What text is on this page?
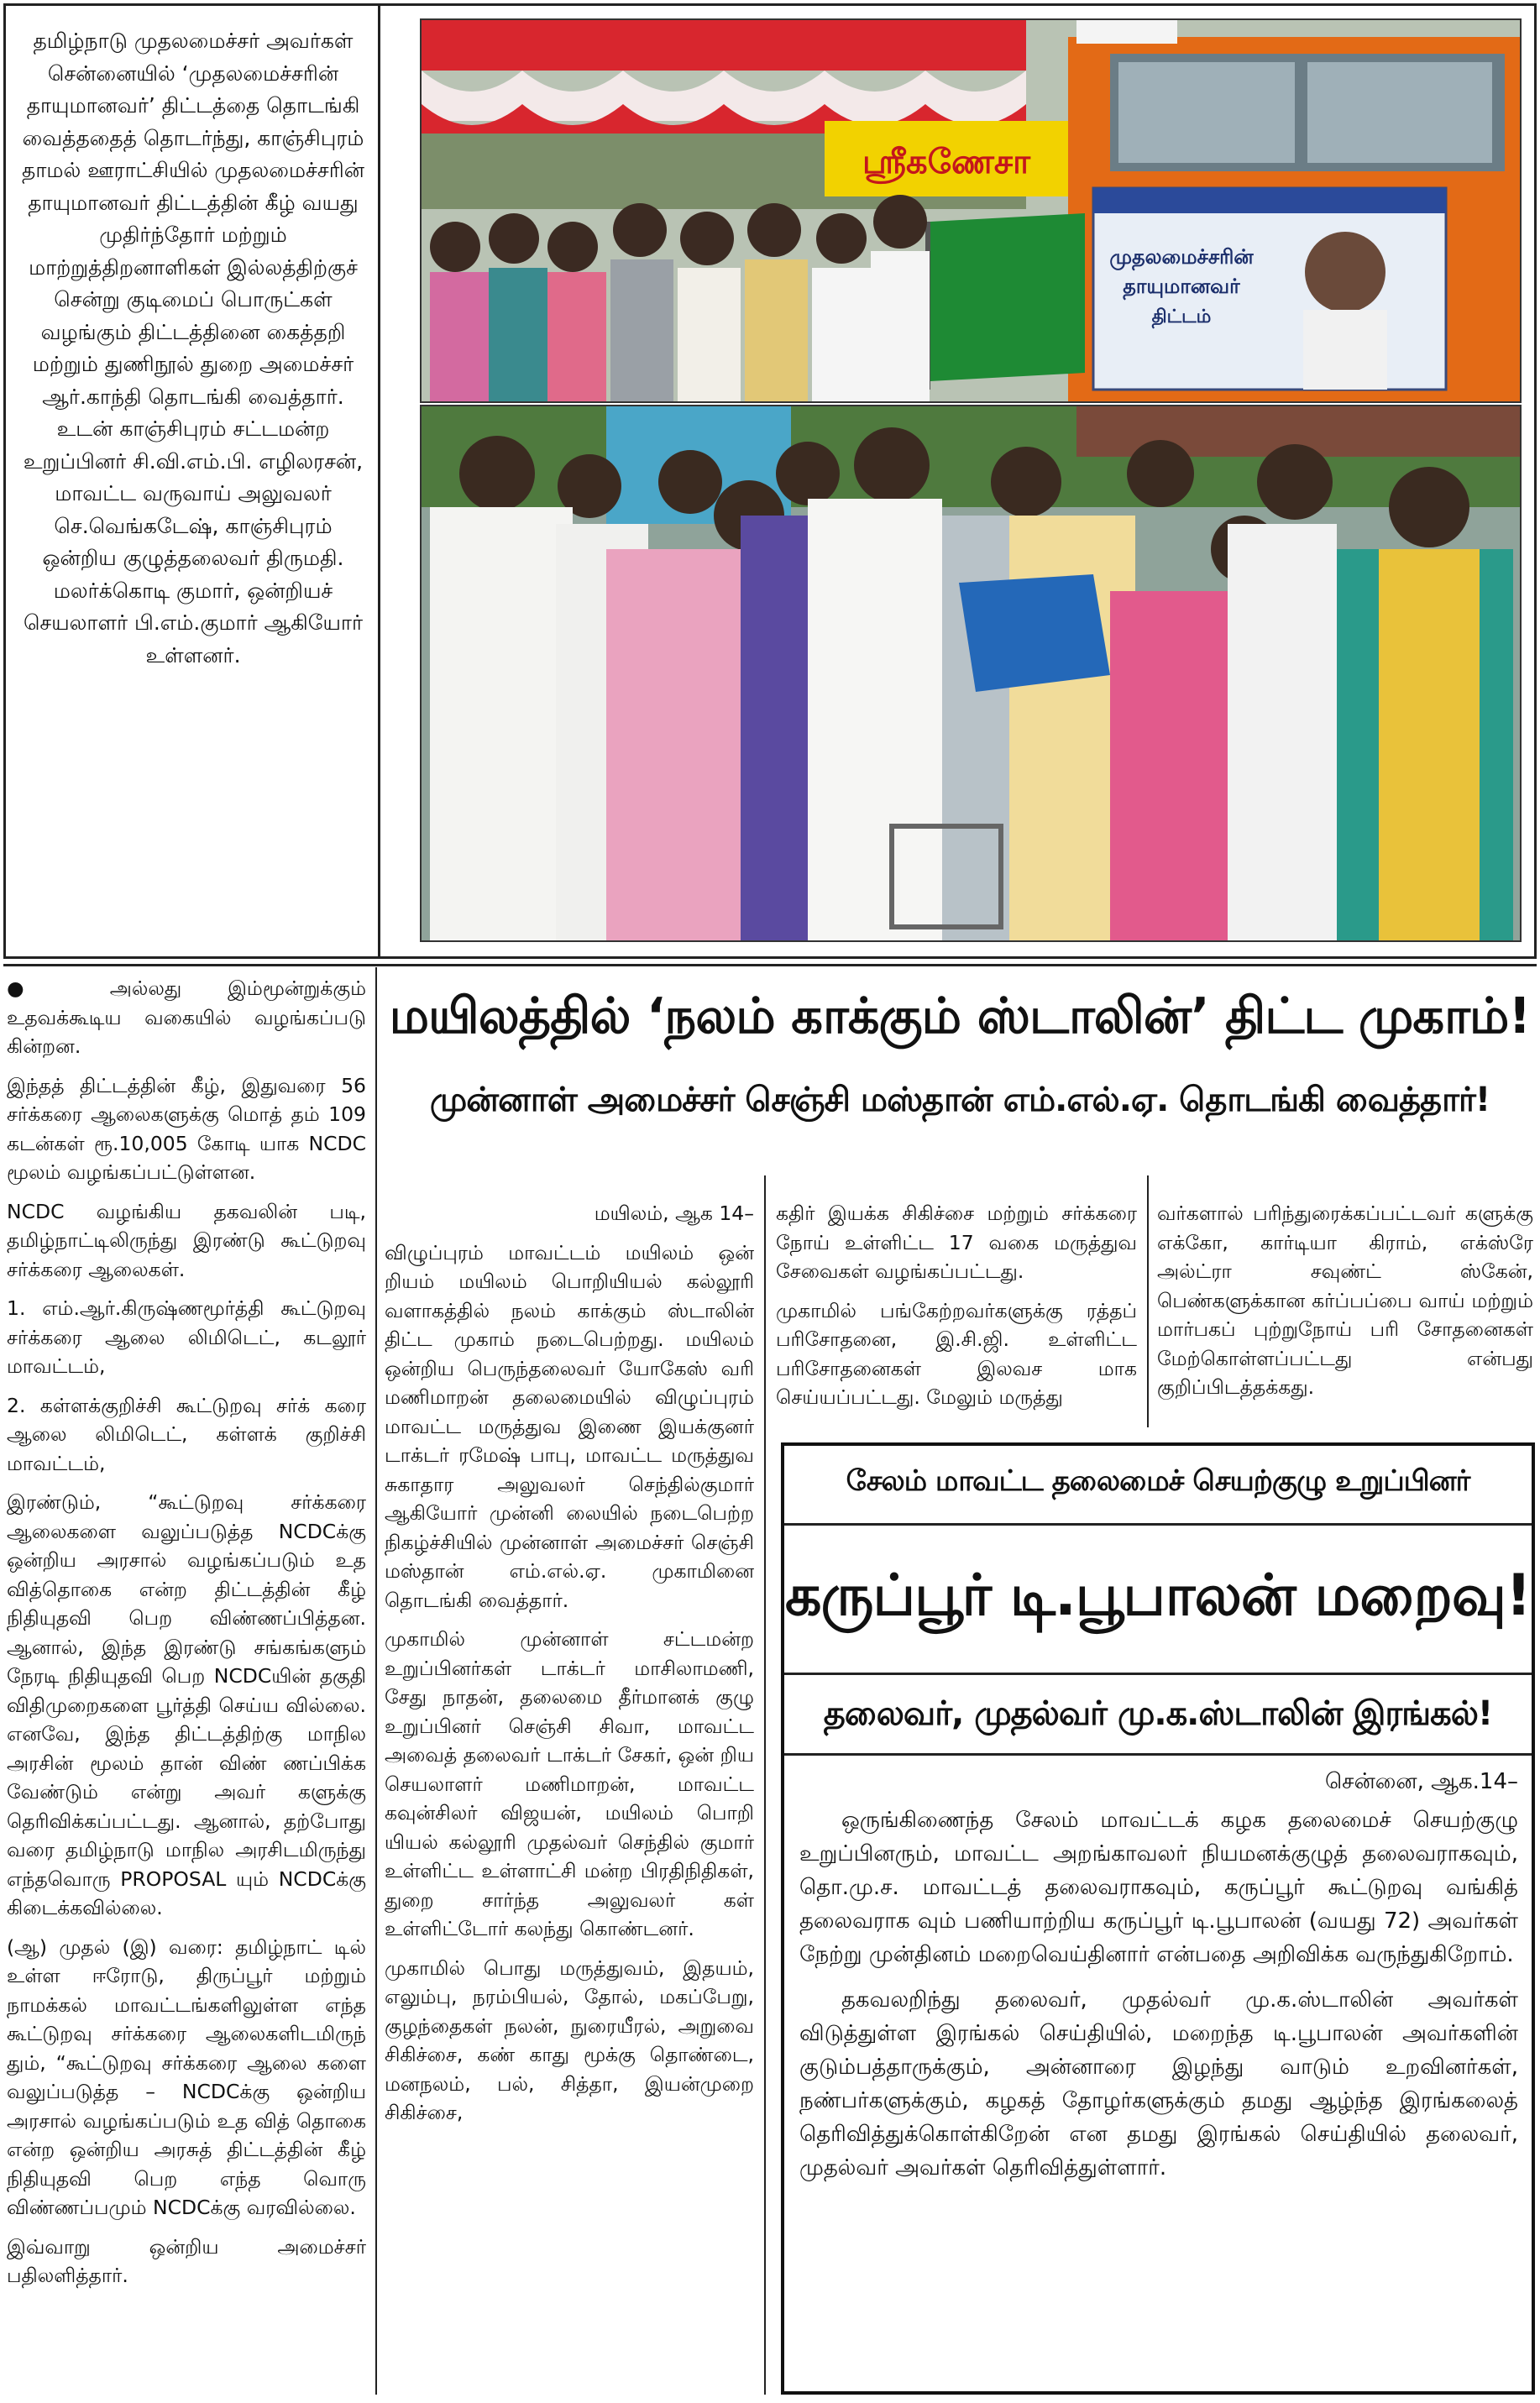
தமிழ்நாடு முதலமைச்சர் அவர்கள் சென்னையில் ‘முதலமைச்சரின் தாயுமானவர்’ திட்டத்தை தொடங்கி வைத்ததைத் தொடர்ந்து, காஞ்சிபுரம் தாமல் ஊராட்சியில் முதலமைச்சரின் தாயுமானவர் திட்டத்தின் கீழ் வயது முதிர்ந்தோர் மற்றும் மாற்றுத்திறனாளிகள் இல்லத்திற்குச் சென்று குடிமைப் பொருட்கள் வழங்கும் திட்டத்தினை கைத்தறி மற்றும் துணிநூல் துறை அமைச்சர் ஆர்.காந்தி தொடங்கி வைத்தார். உடன் காஞ்சிபுரம் சட்டமன்ற உறுப்பினர் சி.வி.எம்.பி. எழிலரசன், மாவட்ட வருவாய் அலுவலர் செ.வெங்கடேஷ், காஞ்சிபுரம் ஒன்றிய குழுத்தலைவர் திருமதி. மலர்க்கொடி குமார், ஒன்றியச் செயலாளர் பி.எம்.குமார் ஆகியோர் உள்ளனர்.

ஸ்ரீகணேசா
முதலமைச்சரின்
தாயுமானவர்
திட்டம்

● அல்லது இம்மூன்றுக்கும் உதவக்கூடிய வகையில் வழங்கப்படு கின்றன.

இந்தத் திட்டத்தின் கீழ், இதுவரை 56 சர்க்கரை ஆலைகளுக்கு மொத் தம் 109 கடன்கள் ரூ.10,005 கோடி யாக NCDC மூலம் வழங்கப்பட்டுள்ளன.

NCDC வழங்கிய தகவலின் படி, தமிழ்நாட்டிலிருந்து இரண்டு கூட்டுறவு சர்க்கரை ஆலைகள்.

1. எம்.ஆர்.கிருஷ்ணமூர்த்தி கூட்டுறவு சர்க்கரை ஆலை லிமிடெட், கடலூர் மாவட்டம்,

2. கள்ளக்குறிச்சி கூட்டுறவு சர்க் கரை ஆலை லிமிடெட், கள்ளக் குறிச்சி மாவட்டம்,

இரண்டும், “கூட்டுறவு சர்க்கரை ஆலைகளை வலுப்படுத்த NCDCக்கு ஒன்றிய அரசால் வழங்கப்படும் உத வித்தொகை என்ற திட்டத்தின் கீழ் நிதியுதவி பெற விண்ணப்பித்தன. ஆனால், இந்த இரண்டு சங்கங்களும் நேரடி நிதியுதவி பெற NCDCயின் தகுதி விதிமுறைகளை பூர்த்தி செய்ய வில்லை. எனவே, இந்த திட்டத்திற்கு மாநில அரசின் மூலம் தான் விண் ணப்பிக்க வேண்டும் என்று அவர் களுக்கு தெரிவிக்கப்பட்டது. ஆனால், தற்போது வரை தமிழ்நாடு மாநில அரசிடமிருந்து எந்தவொரு PROPOSAL யும் NCDCக்கு கிடைக்கவில்லை.

(ஆ) முதல் (இ) வரை: தமிழ்நாட் டில் உள்ள ஈரோடு, திருப்பூர் மற்றும் நாமக்கல் மாவட்டங்களிலுள்ள எந்த கூட்டுறவு சர்க்கரை ஆலைகளிடமிருந் தும், “கூட்டுறவு சர்க்கரை ஆலை களை வலுப்படுத்த – NCDCக்கு ஒன்றிய அரசால் வழங்கப்படும் உத வித் தொகை என்ற ஒன்றிய அரசுத் திட்டத்தின் கீழ் நிதியுதவி பெற எந்த வொரு விண்ணப்பமும் NCDCக்கு வரவில்லை.

இவ்வாறு ஒன்றிய அமைச்சர் பதிலளித்தார்.

மயிலத்தில் ‘நலம் காக்கும் ஸ்டாலின்’ திட்ட முகாம்!
முன்னாள் அமைச்சர் செஞ்சி மஸ்தான் எம்.எல்.ஏ. தொடங்கி வைத்தார்!

மயிலம், ஆக 14–

விழுப்புரம் மாவட்டம் மயிலம் ஒன் றியம் மயிலம் பொறியியல் கல்லூரி வளாகத்தில் நலம் காக்கும் ஸ்டாலின் திட்ட முகாம் நடைபெற்றது. மயிலம் ஒன்றிய பெருந்தலைவர் யோகேஸ் வரி மணிமாறன் தலைமையில் விழுப்புரம் மாவட்ட மருத்துவ இணை இயக்குனர் டாக்டர் ரமேஷ் பாபு, மாவட்ட மருத்துவ சுகாதார அலுவலர் செந்தில்குமார் ஆகியோர் முன்னி லையில் நடைபெற்ற நிகழ்ச்சியில் முன்னாள் அமைச்சர் செஞ்சி மஸ்தான் எம்.எல்.ஏ. முகாமினை தொடங்கி வைத்தார்.

முகாமில் முன்னாள் சட்டமன்ற உறுப்பினர்கள் டாக்டர் மாசிலாமணி, சேது நாதன், தலைமை தீர்மானக் குழு உறுப்பினர் செஞ்சி சிவா, மாவட்ட அவைத் தலைவர் டாக்டர் சேகர், ஒன் றிய செயலாளர் மணிமாறன், மாவட்ட கவுன்சிலர் விஜயன், மயிலம் பொறி யியல் கல்லூரி முதல்வர் செந்தில் குமார் உள்ளிட்ட உள்ளாட்சி மன்ற பிரதிநிதிகள், துறை சார்ந்த அலுவலர் கள் உள்ளிட்டோர் கலந்து கொண்டனர்.

முகாமில் பொது மருத்துவம், இதயம், எலும்பு, நரம்பியல், தோல், மகப்பேறு, குழந்தைகள் நலன், நுரையீரல், அறுவை சிகிச்சை, கண் காது மூக்கு தொண்டை, மனநலம், பல், சித்தா, இயன்முறை சிகிச்சை,

கதிர் இயக்க சிகிச்சை மற்றும் சர்க்கரை நோய் உள்ளிட்ட 17 வகை மருத்துவ சேவைகள் வழங்கப்பட்டது.

முகாமில் பங்கேற்றவர்களுக்கு ரத்தப் பரிசோதனை, இ.சி.ஜி. உள்ளிட்ட பரிசோதனைகள் இலவச மாக செய்யப்பட்டது. மேலும் மருத்து

வர்களால் பரிந்துரைக்கப்பட்டவர் களுக்கு எக்கோ, கார்டியா கிராம், எக்ஸ்ரே அல்ட்ரா சவுண்ட் ஸ்கேன், பெண்களுக்கான கர்ப்பப்பை வாய் மற்றும் மார்பகப் புற்றுநோய் பரி சோதனைகள் மேற்கொள்ளப்பட்டது என்பது குறிப்பிடத்தக்கது.

சேலம் மாவட்ட தலைமைச் செயற்குழு உறுப்பினர்
கருப்பூர் டி.பூபாலன் மறைவு!
தலைவர், முதல்வர் மு.க.ஸ்டாலின் இரங்கல்!

சென்னை, ஆக.14–

ஒருங்கிணைந்த சேலம் மாவட்டக் கழக தலைமைச் செயற்குழு உறுப்பினரும், மாவட்ட அறங்காவலர் நியமனக்குழுத் தலைவராகவும், தொ.மு.ச. மாவட்டத் தலைவராகவும், கருப்பூர் கூட்டுறவு வங்கித் தலைவராக வும் பணியாற்றிய கருப்பூர் டி.பூபாலன் (வயது 72) அவர்கள் நேற்று முன்தினம் மறைவெய்தினார் என்பதை அறிவிக்க வருந்துகிறோம்.

தகவலறிந்து தலைவர், முதல்வர் மு.க.ஸ்டாலின் அவர்கள் விடுத்துள்ள இரங்கல் செய்தியில், மறைந்த டி.பூபாலன் அவர்களின் குடும்பத்தாருக்கும், அன்னாரை இழந்து வாடும் உறவினர்கள், நண்பர்களுக்கும், கழகத் தோழர்களுக்கும் தமது ஆழ்ந்த இரங்கலைத் தெரிவித்துக்கொள்கிறேன் என தமது இரங்கல் செய்தியில் தலைவர், முதல்வர் அவர்கள் தெரிவித்துள்ளார்.
